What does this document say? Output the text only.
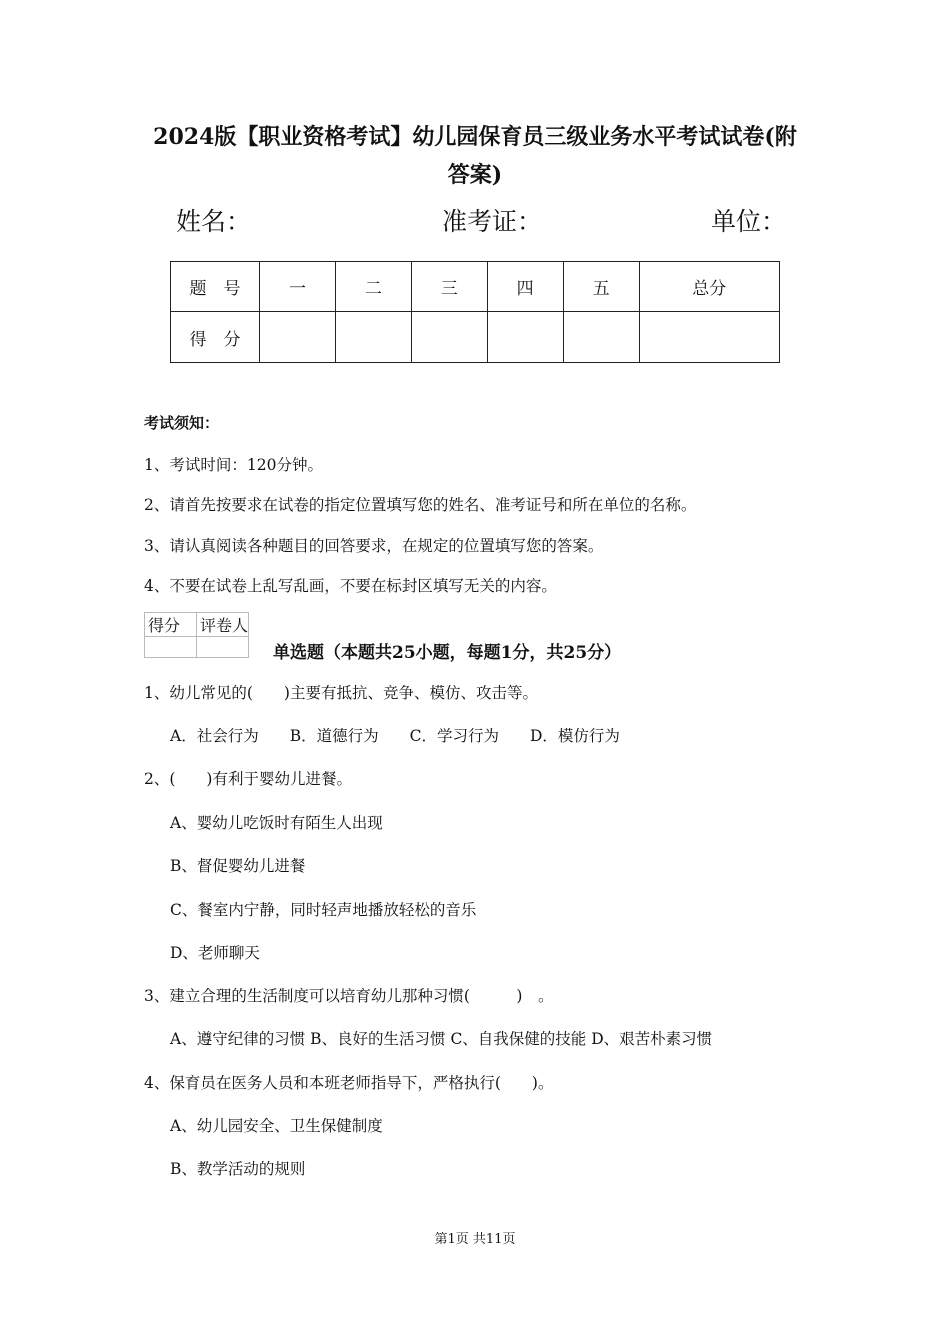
2024版【职业资格考试】幼儿园保育员三级业务水平考试试卷(附
答案)
姓名：	准考证：	单位：
题　号	一	二	三	四	五	总分
得　分						
考试须知：
1、考试时间：120分钟。
2、请首先按要求在试卷的指定位置填写您的姓名、准考证号和所在单位的名称。
3、请认真阅读各种题目的回答要求，在规定的位置填写您的答案。
4、不要在试卷上乱写乱画，不要在标封区填写无关的内容。
得分	评卷人

单选题（本题共25小题，每题1分，共25分）
1、幼儿常见的(　　)主要有抵抗、竞争、模仿、攻击等。
A．社会行为　　B．道德行为　　C．学习行为　　D．模仿行为
2、(　　)有利于婴幼儿进餐。
A、婴幼儿吃饭时有陌生人出现
B、督促婴幼儿进餐
C、餐室内宁静，同时轻声地播放轻松的音乐
D、老师聊天
3、建立合理的生活制度可以培育幼儿那种习惯(　　　)　。
A、遵守纪律的习惯 B、良好的生活习惯 C、自我保健的技能 D、艰苦朴素习惯
4、保育员在医务人员和本班老师指导下，严格执行(　　)。
A、幼儿园安全、卫生保健制度
B、教学活动的规则
第1页 共11页
